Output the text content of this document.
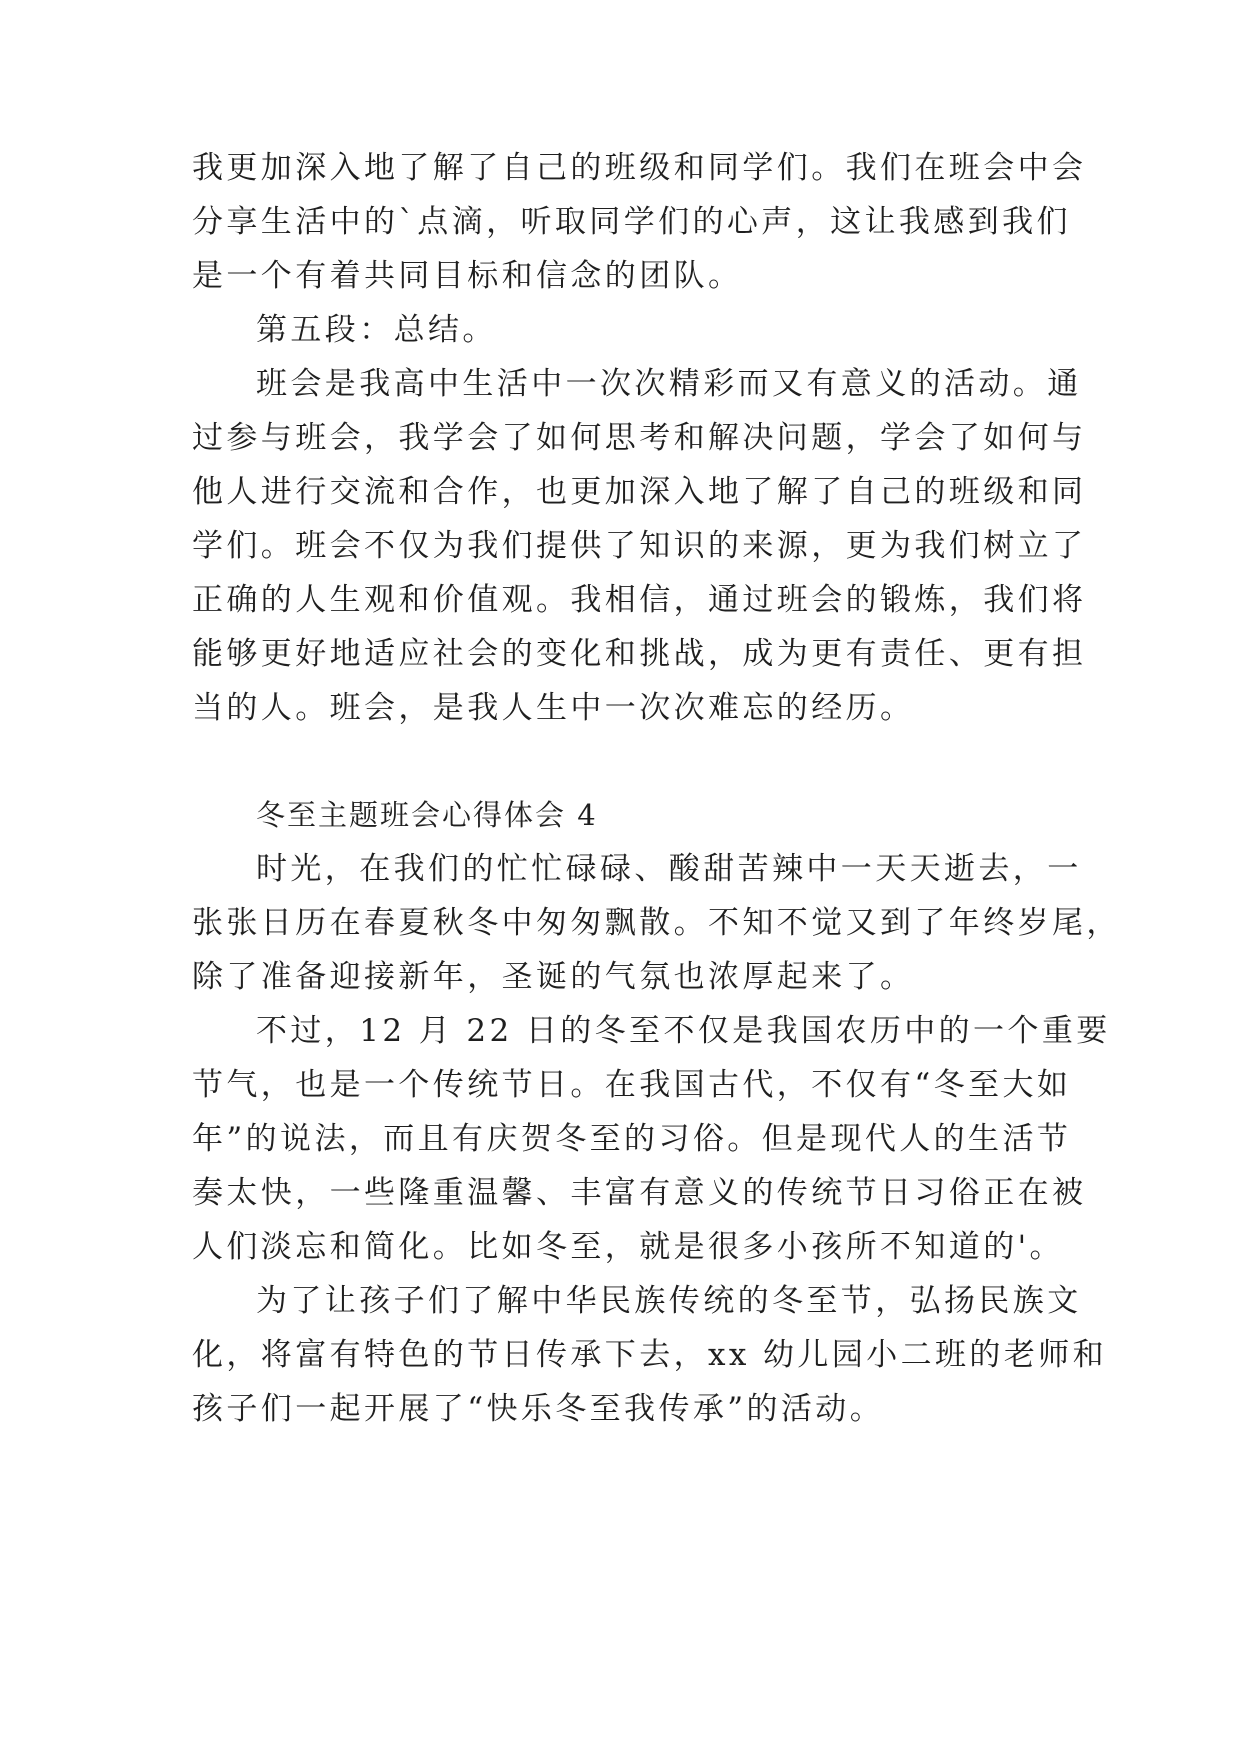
我更加深入地了解了自己的班级和同学们。我们在班会中会
分享生活中的`点滴，听取同学们的心声，这让我感到我们
是一个有着共同目标和信念的团队。
第五段：总结。
班会是我高中生活中一次次精彩而又有意义的活动。通
过参与班会，我学会了如何思考和解决问题，学会了如何与
他人进行交流和合作，也更加深入地了解了自己的班级和同
学们。班会不仅为我们提供了知识的来源，更为我们树立了
正确的人生观和价值观。我相信，通过班会的锻炼，我们将
能够更好地适应社会的变化和挑战，成为更有责任、更有担
当的人。班会，是我人生中一次次难忘的经历。
冬至主题班会心得体会 4
时光，在我们的忙忙碌碌、酸甜苦辣中一天天逝去，一
张张日历在春夏秋冬中匆匆飘散。不知不觉又到了年终岁尾，
除了准备迎接新年，圣诞的气氛也浓厚起来了。
不过，12 月 22 日的冬至不仅是我国农历中的一个重要
节气，也是一个传统节日。在我国古代，不仅有“冬至大如
年”的说法，而且有庆贺冬至的习俗。但是现代人的生活节
奏太快，一些隆重温馨、丰富有意义的传统节日习俗正在被
人们淡忘和简化。比如冬至，就是很多小孩所不知道的'。
为了让孩子们了解中华民族传统的冬至节，弘扬民族文
化，将富有特色的节日传承下去，xx 幼儿园小二班的老师和
孩子们一起开展了“快乐冬至我传承”的活动。
